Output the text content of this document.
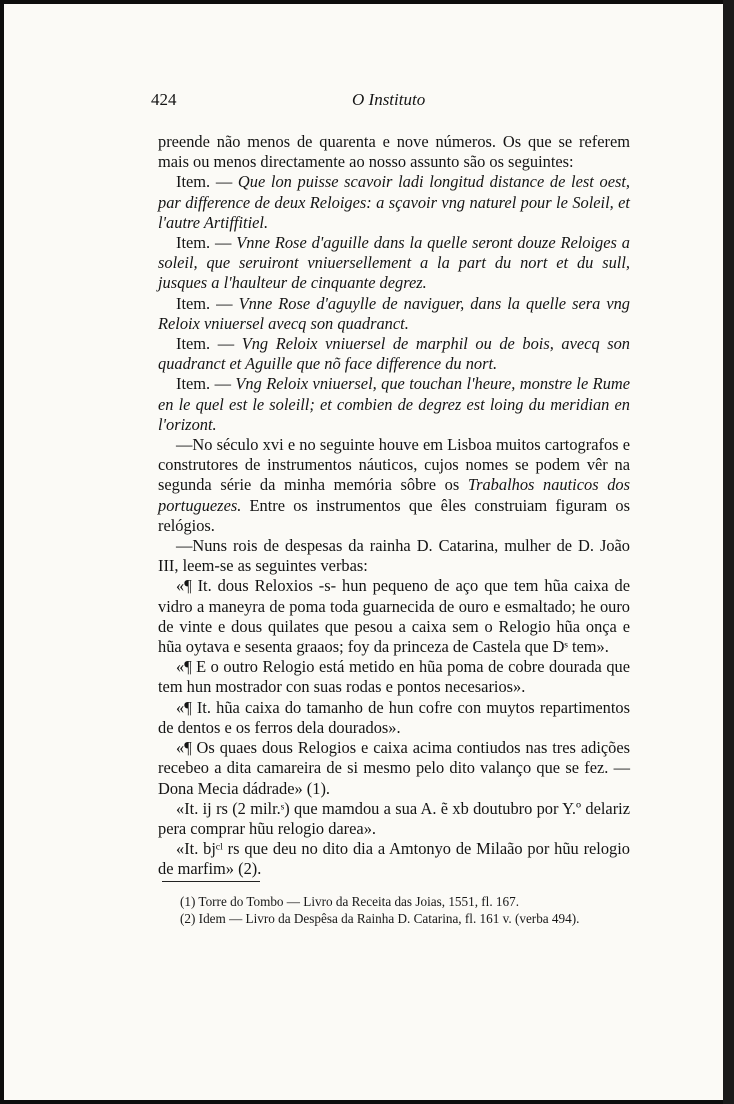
424	O Instituto

preende não menos de quarenta e nove números. Os que se referem mais ou menos directamente ao nosso assunto são os seguintes:

Item. — Que lon puisse scavoir ladi longitud distance de lest oest, par difference de deux Reloiges: a sçavoir vng naturel pour le Soleil, et l'autre Artiffitiel.

Item. — Vnne Rose d'aguille dans la quelle seront douze Reloiges a soleil, que seruiront vniuersellement a la part du nort et du sull, jusques a l'haulteur de cinquante degrez.

Item. — Vnne Rose d'aguylle de naviguer, dans la quelle sera vng Reloix vniuersel avecq son quadranct.

Item. — Vng Reloix vniuersel de marphil ou de bois, avecq son quadranct et Aguille que nõ face difference du nort.

Item. — Vng Reloix vniuersel, que touchan l'heure, monstre le Rume en le quel est le soleill; et combien de degrez est loing du meridian en l'orizont.

—No século xvi e no seguinte houve em Lisboa muitos cartografos e construtores de instrumentos náuticos, cujos nomes se podem vêr na segunda série da minha memória sôbre os Trabalhos nauticos dos portuguezes. Entre os instrumentos que êles construiam figuram os relógios.

—Nuns rois de despesas da rainha D. Catarina, mulher de D. João III, leem-se as seguintes verbas:

«¶ It. dous Reloxios -s- hun pequeno de aço que tem hũa caixa de vidro a maneyra de poma toda guarnecida de ouro e esmaltado; he ouro de vinte e dous quilates que pesou a caixa sem o Relogio hũa onça e hũa oytava e sesenta graaos; foy da princeza de Castela que Dˢ tem».

«¶ E o outro Relogio está metido en hũa poma de cobre dourada que tem hun mostrador con suas rodas e pontos necesarios».

«¶ It. hũa caixa do tamanho de hun cofre con muytos repartimentos de dentos e os ferros dela dourados».

«¶ Os quaes dous Relogios e caixa acima contiudos nas tres adições recebeo a dita camareira de si mesmo pelo dito valanço que se fez. — Dona Mecia dádrade» (1).

«It. ij rs (2 milr.ˢ) que mamdou a sua A. ẽ xb doutubro por Y.º delariz pera comprar hũu relogio darea».

«It. bjᶜˡ rs que deu no dito dia a Amtonyo de Milaão por hũu relogio de marfim» (2).

(1) Torre do Tombo — Livro da Receita das Joias, 1551, fl. 167.

(2) Idem — Livro da Despêsa da Rainha D. Catarina, fl. 161 v. (verba 494).
